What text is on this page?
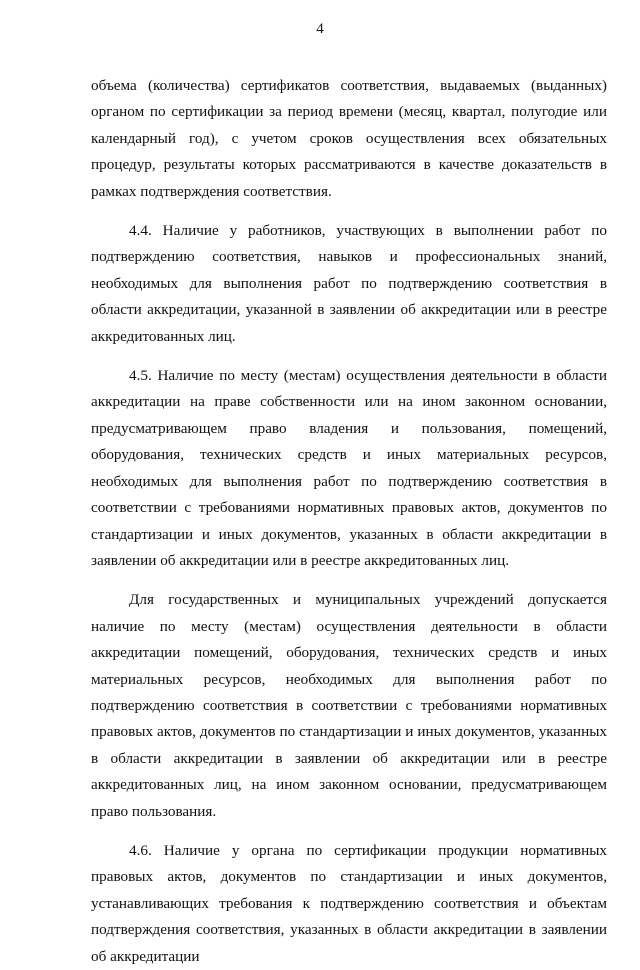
4

объема (количества) сертификатов соответствия, выдаваемых (выданных) органом по сертификации за период времени (месяц, квартал, полугодие или календарный год), с учетом сроков осуществления всех обязательных процедур, результаты которых рассматриваются в качестве доказательств в рамках подтверждения соответствия.

4.4. Наличие у работников, участвующих в выполнении работ по подтверждению соответствия, навыков и профессиональных знаний, необходимых для выполнения работ по подтверждению соответствия в области аккредитации, указанной в заявлении об аккредитации или в реестре аккредитованных лиц.

4.5. Наличие по месту (местам) осуществления деятельности в области аккредитации на праве собственности или на ином законном основании, предусматривающем право владения и пользования, помещений, оборудования, технических средств и иных материальных ресурсов, необходимых для выполнения работ по подтверждению соответствия в соответствии с требованиями нормативных правовых актов, документов по стандартизации и иных документов, указанных в области аккредитации в заявлении об аккредитации или в реестре аккредитованных лиц.

Для государственных и муниципальных учреждений допускается наличие по месту (местам) осуществления деятельности в области аккредитации помещений, оборудования, технических средств и иных материальных ресурсов, необходимых для выполнения работ по подтверждению соответствия в соответствии с требованиями нормативных правовых актов, документов по стандартизации и иных документов, указанных в области аккредитации в заявлении об аккредитации или в реестре аккредитованных лиц, на ином законном основании, предусматривающем право пользования.

4.6. Наличие у органа по сертификации продукции нормативных правовых актов, документов по стандартизации и иных документов, устанавливающих требования к подтверждению соответствия и объектам подтверждения соответствия, указанных в области аккредитации в заявлении об аккредитации
